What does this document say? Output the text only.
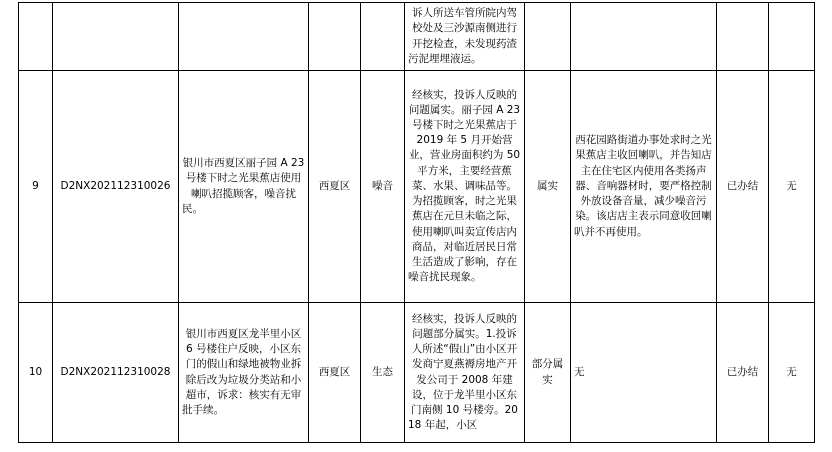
					诉人所送车管所院内驾校处及三沙源南侧进行开挖检查，未发现药渣污泥埋埋液运。				
9	D2NX202112310026	银川市西夏区丽子园 A 23 号楼下时之光果蕉店使用喇叭招揽顾客，噪音扰民。	西夏区	噪音	经核实，投诉人反映的问题属实。丽子园 A 23 号楼下时之光果蕉店于 2019 年 5 月开始营业，营业房面积约为 50 平方米，主要经营蕉菜、水果、调味品等。为招揽顾客，时之光果蕉店在元旦未临之际，使用喇叭叫卖宣传店内商品，对临近居民日常生活造成了影响，存在噪音扰民现象。	属实	西花园路街道办事处求时之光果蕉店主收回喇叭，并告知店主在住宅区内使用各类扬声器、音响器材时，要严格控制外放设备音量，减少噪音污染。该店店主表示同意收回喇叭并不再使用。	已办结	无
10	D2NX202112310028	银川市西夏区龙半里小区 6 号楼住户反映，小区东门的假山和绿地被物业拆除后改为垃圾分类站和小超市，诉求：核实有无审批手续。	西夏区	生态	经核实，投诉人反映的问题部分属实。1.投诉人所述“假山”由小区开发商宁夏燕褥房地产开发公司于 2008 年建设，位于龙半里小区东门南侧 10 号楼旁。2018 年起，小区	部分属实	无	已办结	无
